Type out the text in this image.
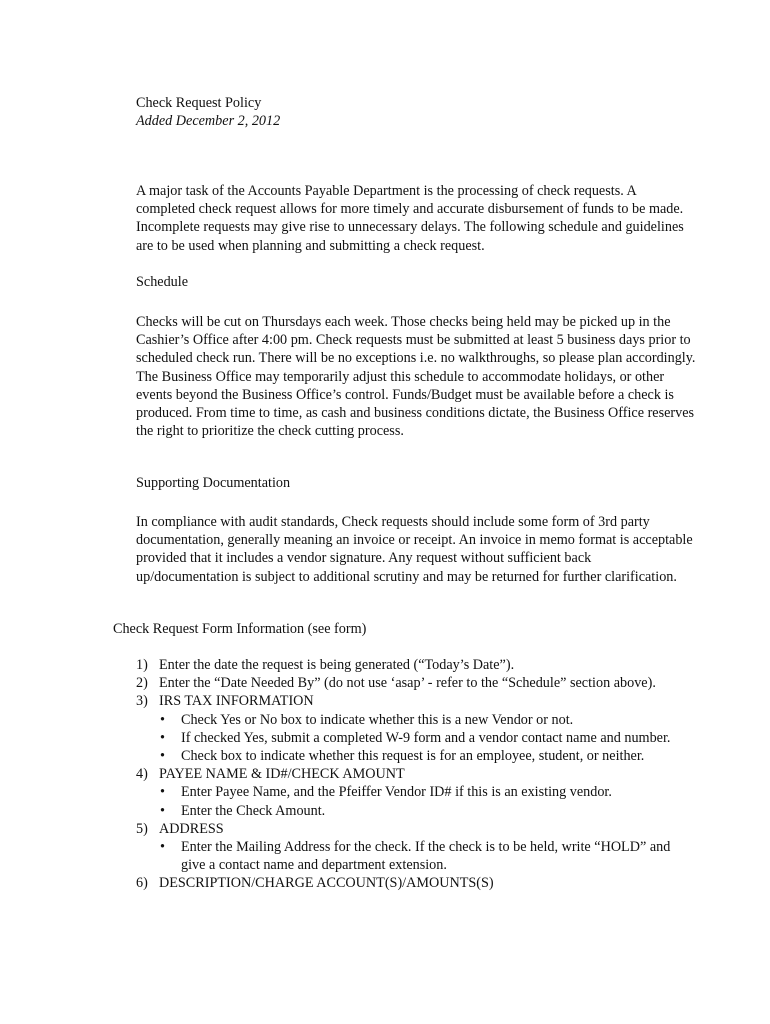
Check Request Policy

Added December 2, 2012

A major task of the Accounts Payable Department is the processing of check requests. A completed check request allows for more timely and accurate disbursement of funds to be made. Incomplete requests may give rise to unnecessary delays. The following schedule and guidelines are to be used when planning and submitting a check request.

Schedule

Checks will be cut on Thursdays each week. Those checks being held may be picked up in the Cashier’s Office after 4:00 pm. Check requests must be submitted at least 5 business days prior to scheduled check run. There will be no exceptions i.e. no walkthroughs, so please plan accordingly. The Business Office may temporarily adjust this schedule to accommodate holidays, or other events beyond the Business Office’s control. Funds/Budget must be available before a check is produced. From time to time, as cash and business conditions dictate, the Business Office reserves the right to prioritize the check cutting process.

Supporting Documentation

In compliance with audit standards, Check requests should include some form of 3rd party documentation, generally meaning an invoice or receipt. An invoice in memo format is acceptable provided that it includes a vendor signature. Any request without sufficient back up/documentation is subject to additional scrutiny and may be returned for further clarification.

Check Request Form Information (see form)
1) Enter the date the request is being generated (“Today’s Date”).
2) Enter the “Date Needed By” (do not use ‘asap’ - refer to the “Schedule” section above).
3) IRS TAX INFORMATION
• Check Yes or No box to indicate whether this is a new Vendor or not.
• If checked Yes, submit a completed W-9 form and a vendor contact name and number.
• Check box to indicate whether this request is for an employee, student, or neither.
4) PAYEE NAME & ID#/CHECK AMOUNT
• Enter Payee Name, and the Pfeiffer Vendor ID# if this is an existing vendor.
• Enter the Check Amount.
5) ADDRESS
• Enter the Mailing Address for the check. If the check is to be held, write “HOLD” and give a contact name and department extension.
6) DESCRIPTION/CHARGE ACCOUNT(S)/AMOUNTS(S)
